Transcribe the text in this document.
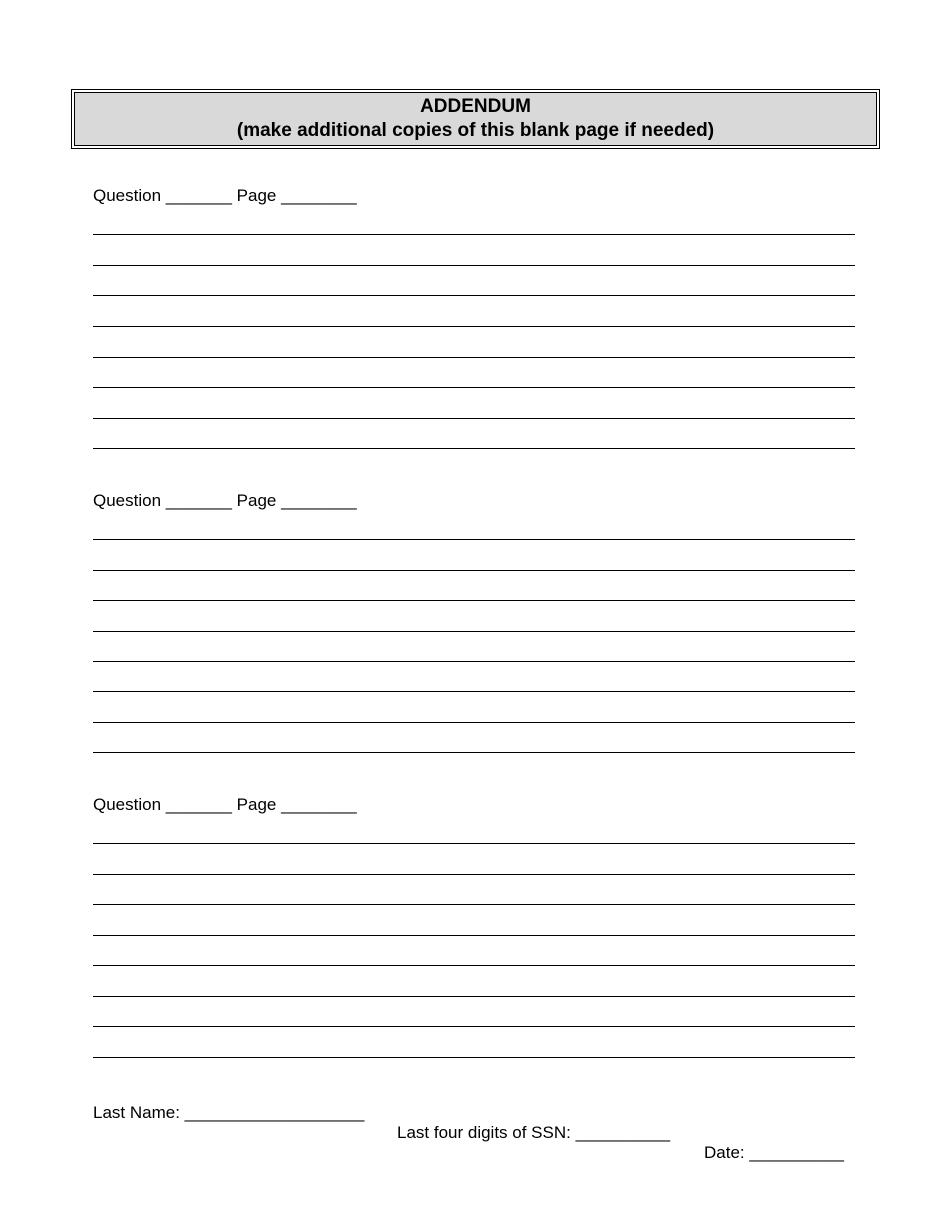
ADDENDUM
(make additional copies of this blank page if needed)
Question _______ Page ________
Question _______ Page ________
Question _______ Page ________

Last Name: ___________________

Last four digits of SSN: __________

Date: __________
